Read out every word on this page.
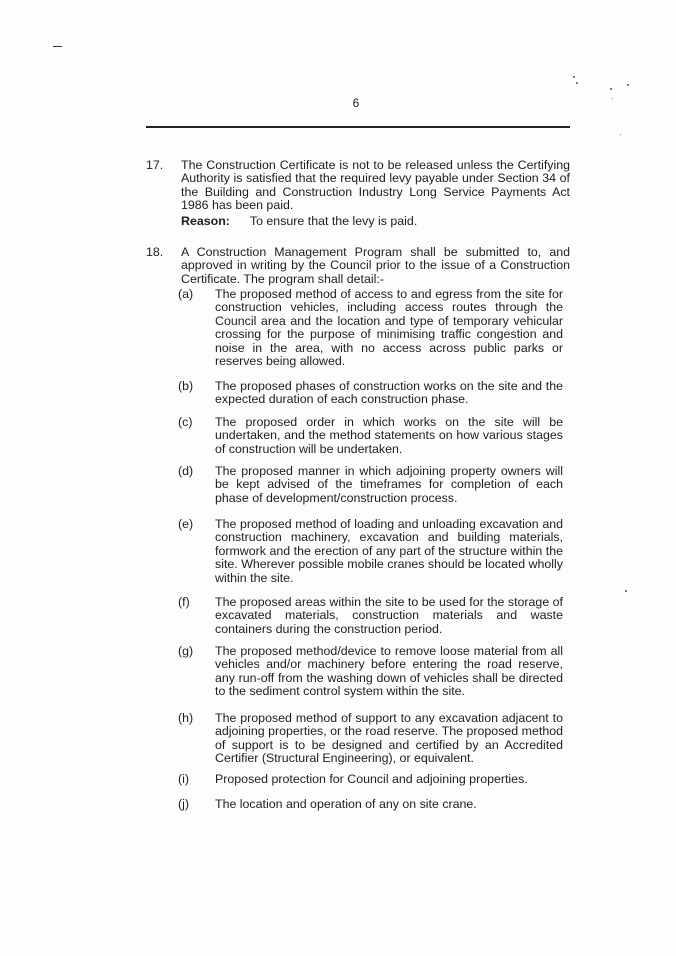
6
17. The Construction Certificate is not to be released unless the Certifying Authority is satisfied that the required levy payable under Section 34 of the Building and Construction Industry Long Service Payments Act 1986 has been paid.
Reason: To ensure that the levy is paid.
18. A Construction Management Program shall be submitted to, and approved in writing by the Council prior to the issue of a Construction Certificate. The program shall detail:-
(a) The proposed method of access to and egress from the site for construction vehicles, including access routes through the Council area and the location and type of temporary vehicular crossing for the purpose of minimising traffic congestion and noise in the area, with no access across public parks or reserves being allowed.
(b) The proposed phases of construction works on the site and the expected duration of each construction phase.
(c) The proposed order in which works on the site will be undertaken, and the method statements on how various stages of construction will be undertaken.
(d) The proposed manner in which adjoining property owners will be kept advised of the timeframes for completion of each phase of development/construction process.
(e) The proposed method of loading and unloading excavation and construction machinery, excavation and building materials, formwork and the erection of any part of the structure within the site. Wherever possible mobile cranes should be located wholly within the site.
(f) The proposed areas within the site to be used for the storage of excavated materials, construction materials and waste containers during the construction period.
(g) The proposed method/device to remove loose material from all vehicles and/or machinery before entering the road reserve, any run-off from the washing down of vehicles shall be directed to the sediment control system within the site.
(h) The proposed method of support to any excavation adjacent to adjoining properties, or the road reserve. The proposed method of support is to be designed and certified by an Accredited Certifier (Structural Engineering), or equivalent.
(i) Proposed protection for Council and adjoining properties.
(j) The location and operation of any on site crane.
